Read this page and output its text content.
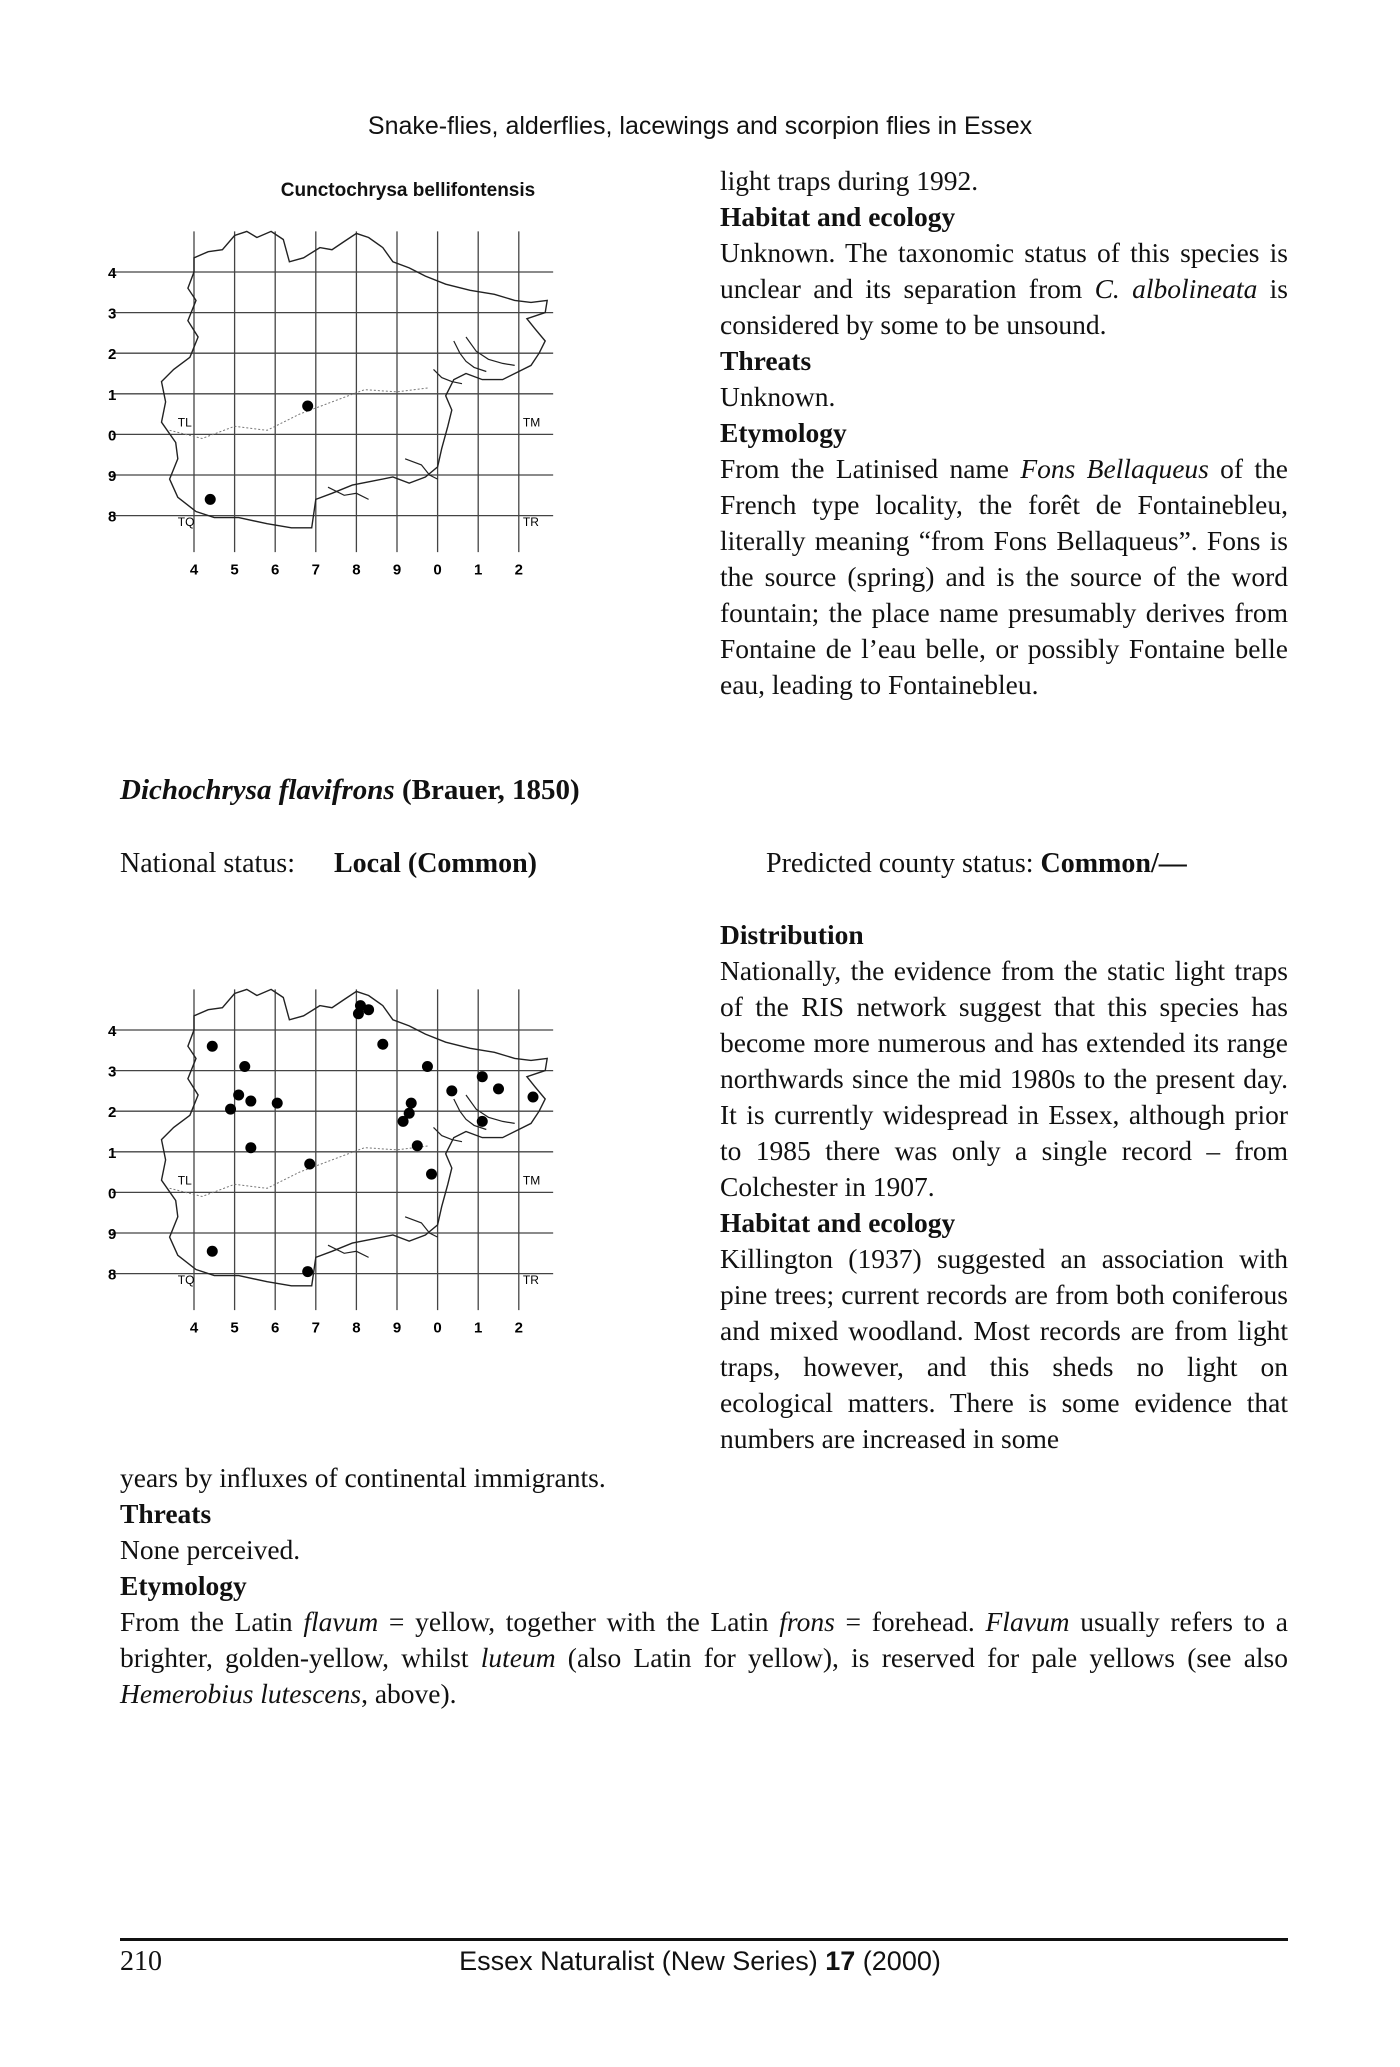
Snake-flies, alderflies, lacewings and scorpion flies in Essex
Cunctochrysa bellifontensis
4
3
2
1
0
9
8
4 5 6 7 8 9 0 1 2
TL	TM
TQ	TR

light traps during 1992.

Habitat and ecology

Unknown. The taxonomic status of this species is unclear and its separation from C. albolineata is considered by some to be unsound.

Threats

Unknown.

Etymology

From the Latinised name Fons Bellaqueus of the French type locality, the forêt de Fontainebleu, literally meaning “from Fons Bellaqueus”. Fons is the source (spring) and is the source of the word fountain; the place name presumably derives from Fontaine de l’eau belle, or possibly Fontaine belle eau, leading to Fontainebleu.

Dichochrysa flavifrons (Brauer, 1850)
National status: Local (Common)	Predicted county status: Common/—
4
3
2
1
0
9
8
4 5 6 7 8 9 0 1 2
TL	TM
TQ	TR

Distribution

Nationally, the evidence from the static light traps of the RIS network suggest that this species has become more numerous and has extended its range northwards since the mid 1980s to the present day. It is currently widespread in Essex, although prior to 1985 there was only a single record – from Colchester in 1907.

Habitat and ecology

Killington (1937) suggested an association with pine trees; current records are from both coniferous and mixed woodland. Most records are from light traps, however, and this sheds no light on ecological matters. There is some evidence that numbers are increased in some

years by influxes of continental immigrants.

Threats

None perceived.

Etymology

From the Latin flavum = yellow, together with the Latin frons = forehead. Flavum usually refers to a brighter, golden-yellow, whilst luteum (also Latin for yellow), is reserved for pale yellows (see also Hemerobius lutescens, above).

210	Essex Naturalist (New Series) 17 (2000)
